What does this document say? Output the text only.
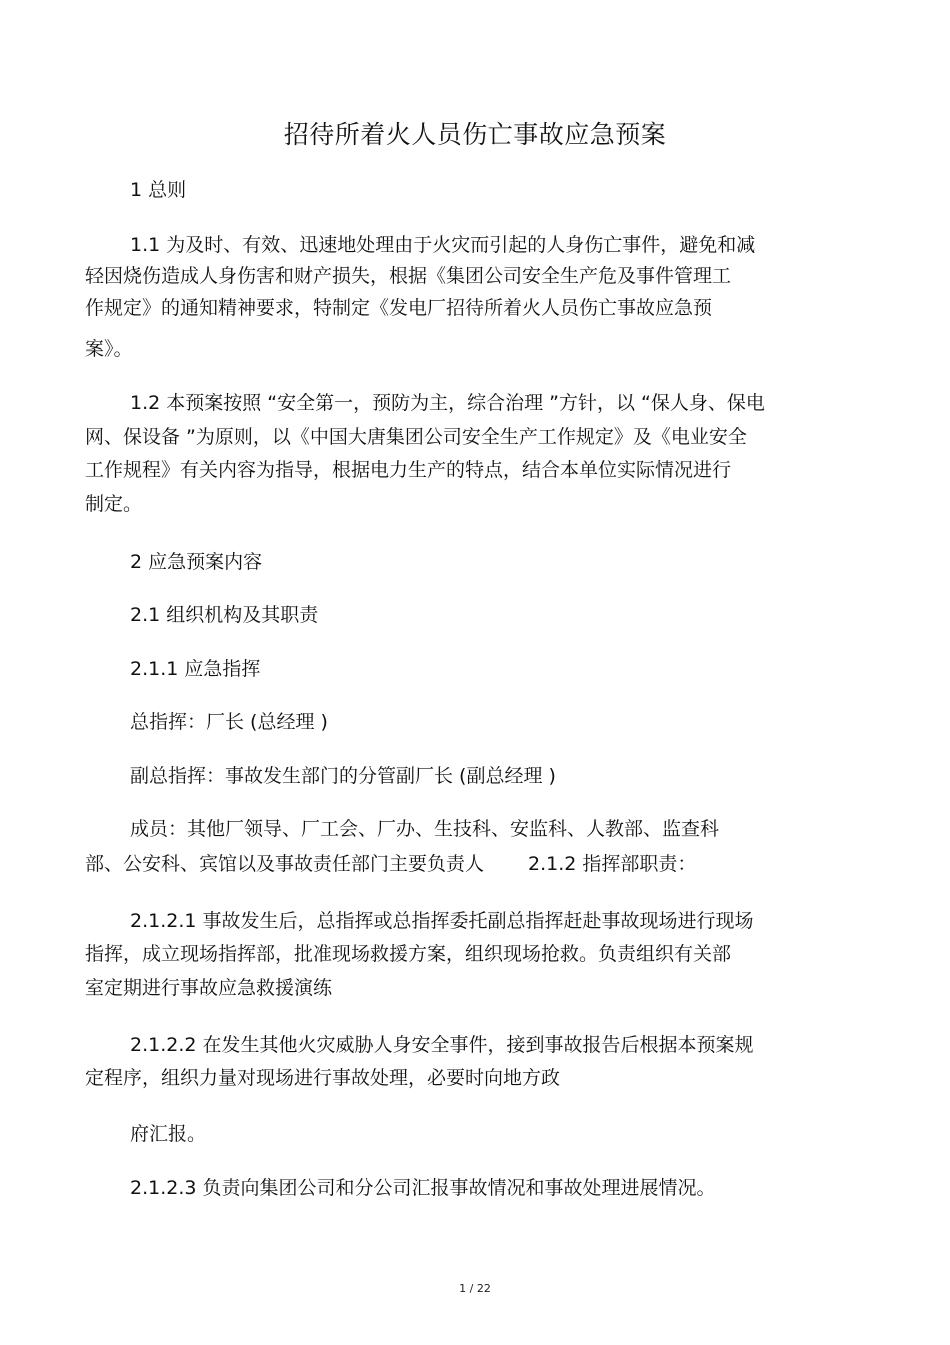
招待所着火人员伤亡事故应急预案
1 总则
1.1 为及时、有效、迅速地处理由于火灾而引起的人身伤亡事件，避免和减
轻因烧伤造成人身伤害和财产损失，根据《集团公司安全生产危及事件管理工
作规定》的通知精神要求，特制定《发电厂招待所着火人员伤亡事故应急预
案》。
1.2 本预案按照 “安全第一，预防为主，综合治理 ”方针，以 “保人身、保电
网、保设备 ”为原则，以《中国大唐集团公司安全生产工作规定》及《电业安全
工作规程》有关内容为指导，根据电力生产的特点，结合本单位实际情况进行
制定。
2 应急预案内容
2.1 组织机构及其职责
2.1.1 应急指挥
总指挥：厂长 (总经理 )
副总指挥：事故发生部门的分管副厂长 (副总经理 )
成员：其他厂领导、厂工会、厂办、生技科、安监科、人教部、监查科
部、公安科、宾馆以及事故责任部门主要负责人 2.1.2 指挥部职责：
2.1.2.1 事故发生后，总指挥或总指挥委托副总指挥赶赴事故现场进行现场
指挥，成立现场指挥部，批准现场救援方案，组织现场抢救。负责组织有关部
室定期进行事故应急救援演练
2.1.2.2 在发生其他火灾威胁人身安全事件，接到事故报告后根据本预案规
定程序，组织力量对现场进行事故处理，必要时向地方政
府汇报。
2.1.2.3 负责向集团公司和分公司汇报事故情况和事故处理进展情况。
1 / 22
